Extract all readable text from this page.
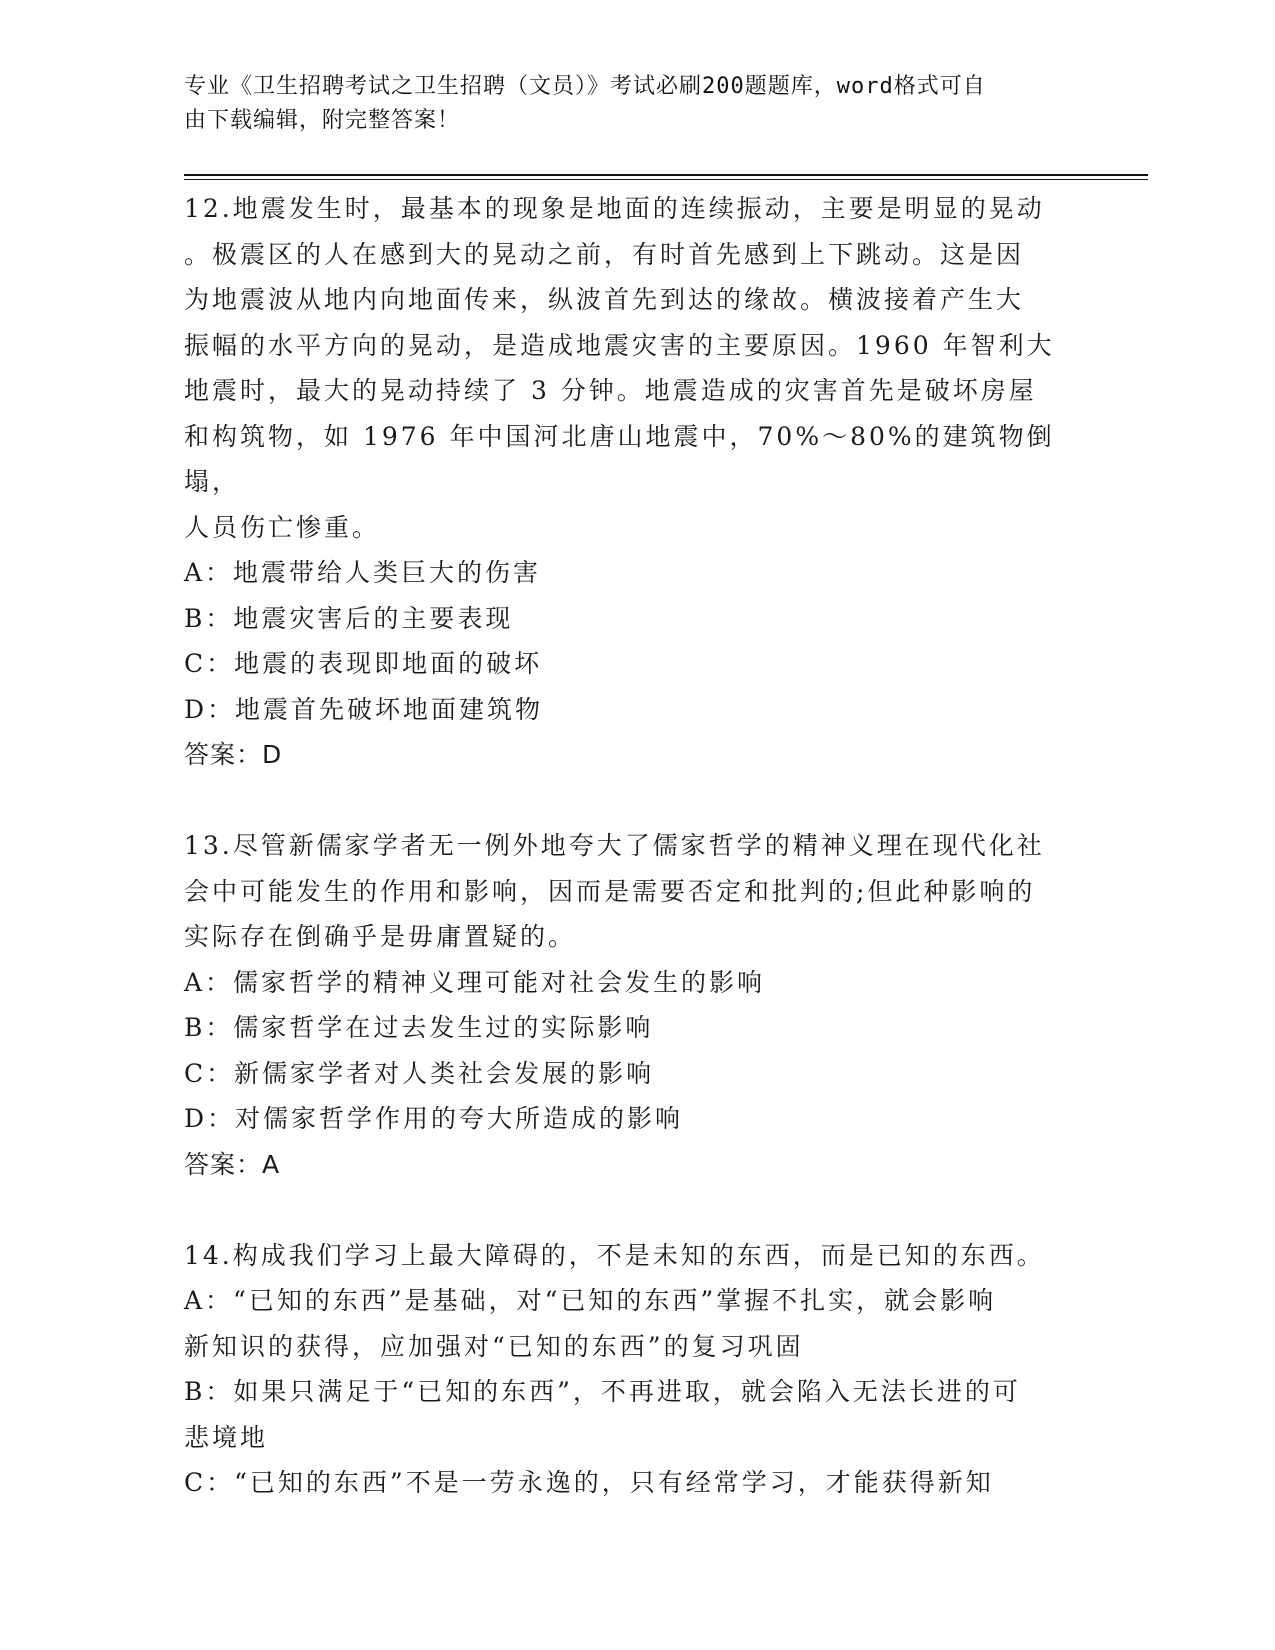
专业《卫生招聘考试之卫生招聘（文员）》考试必刷200题题库，word格式可自
由下载编辑，附完整答案！
12.地震发生时，最基本的现象是地面的连续振动，主要是明显的晃动
。极震区的人在感到大的晃动之前，有时首先感到上下跳动。这是因
为地震波从地内向地面传来，纵波首先到达的缘故。横波接着产生大
振幅的水平方向的晃动，是造成地震灾害的主要原因。1960 年智利大
地震时，最大的晃动持续了 3 分钟。地震造成的灾害首先是破坏房屋
和构筑物，如 1976 年中国河北唐山地震中，70%～80%的建筑物倒塌，
人员伤亡惨重。
A：地震带给人类巨大的伤害
B：地震灾害后的主要表现
C：地震的表现即地面的破坏
D：地震首先破坏地面建筑物
答案：D
13.尽管新儒家学者无一例外地夸大了儒家哲学的精神义理在现代化社
会中可能发生的作用和影响，因而是需要否定和批判的;但此种影响的
实际存在倒确乎是毋庸置疑的。
A：儒家哲学的精神义理可能对社会发生的影响
B：儒家哲学在过去发生过的实际影响
C：新儒家学者对人类社会发展的影响
D：对儒家哲学作用的夸大所造成的影响
答案：A
14.构成我们学习上最大障碍的，不是未知的东西，而是已知的东西。
A：“已知的东西”是基础，对“已知的东西”掌握不扎实，就会影响
新知识的获得，应加强对“已知的东西”的复习巩固
B：如果只满足于“已知的东西”，不再进取，就会陷入无法长进的可
悲境地
C：“已知的东西”不是一劳永逸的，只有经常学习，才能获得新知
